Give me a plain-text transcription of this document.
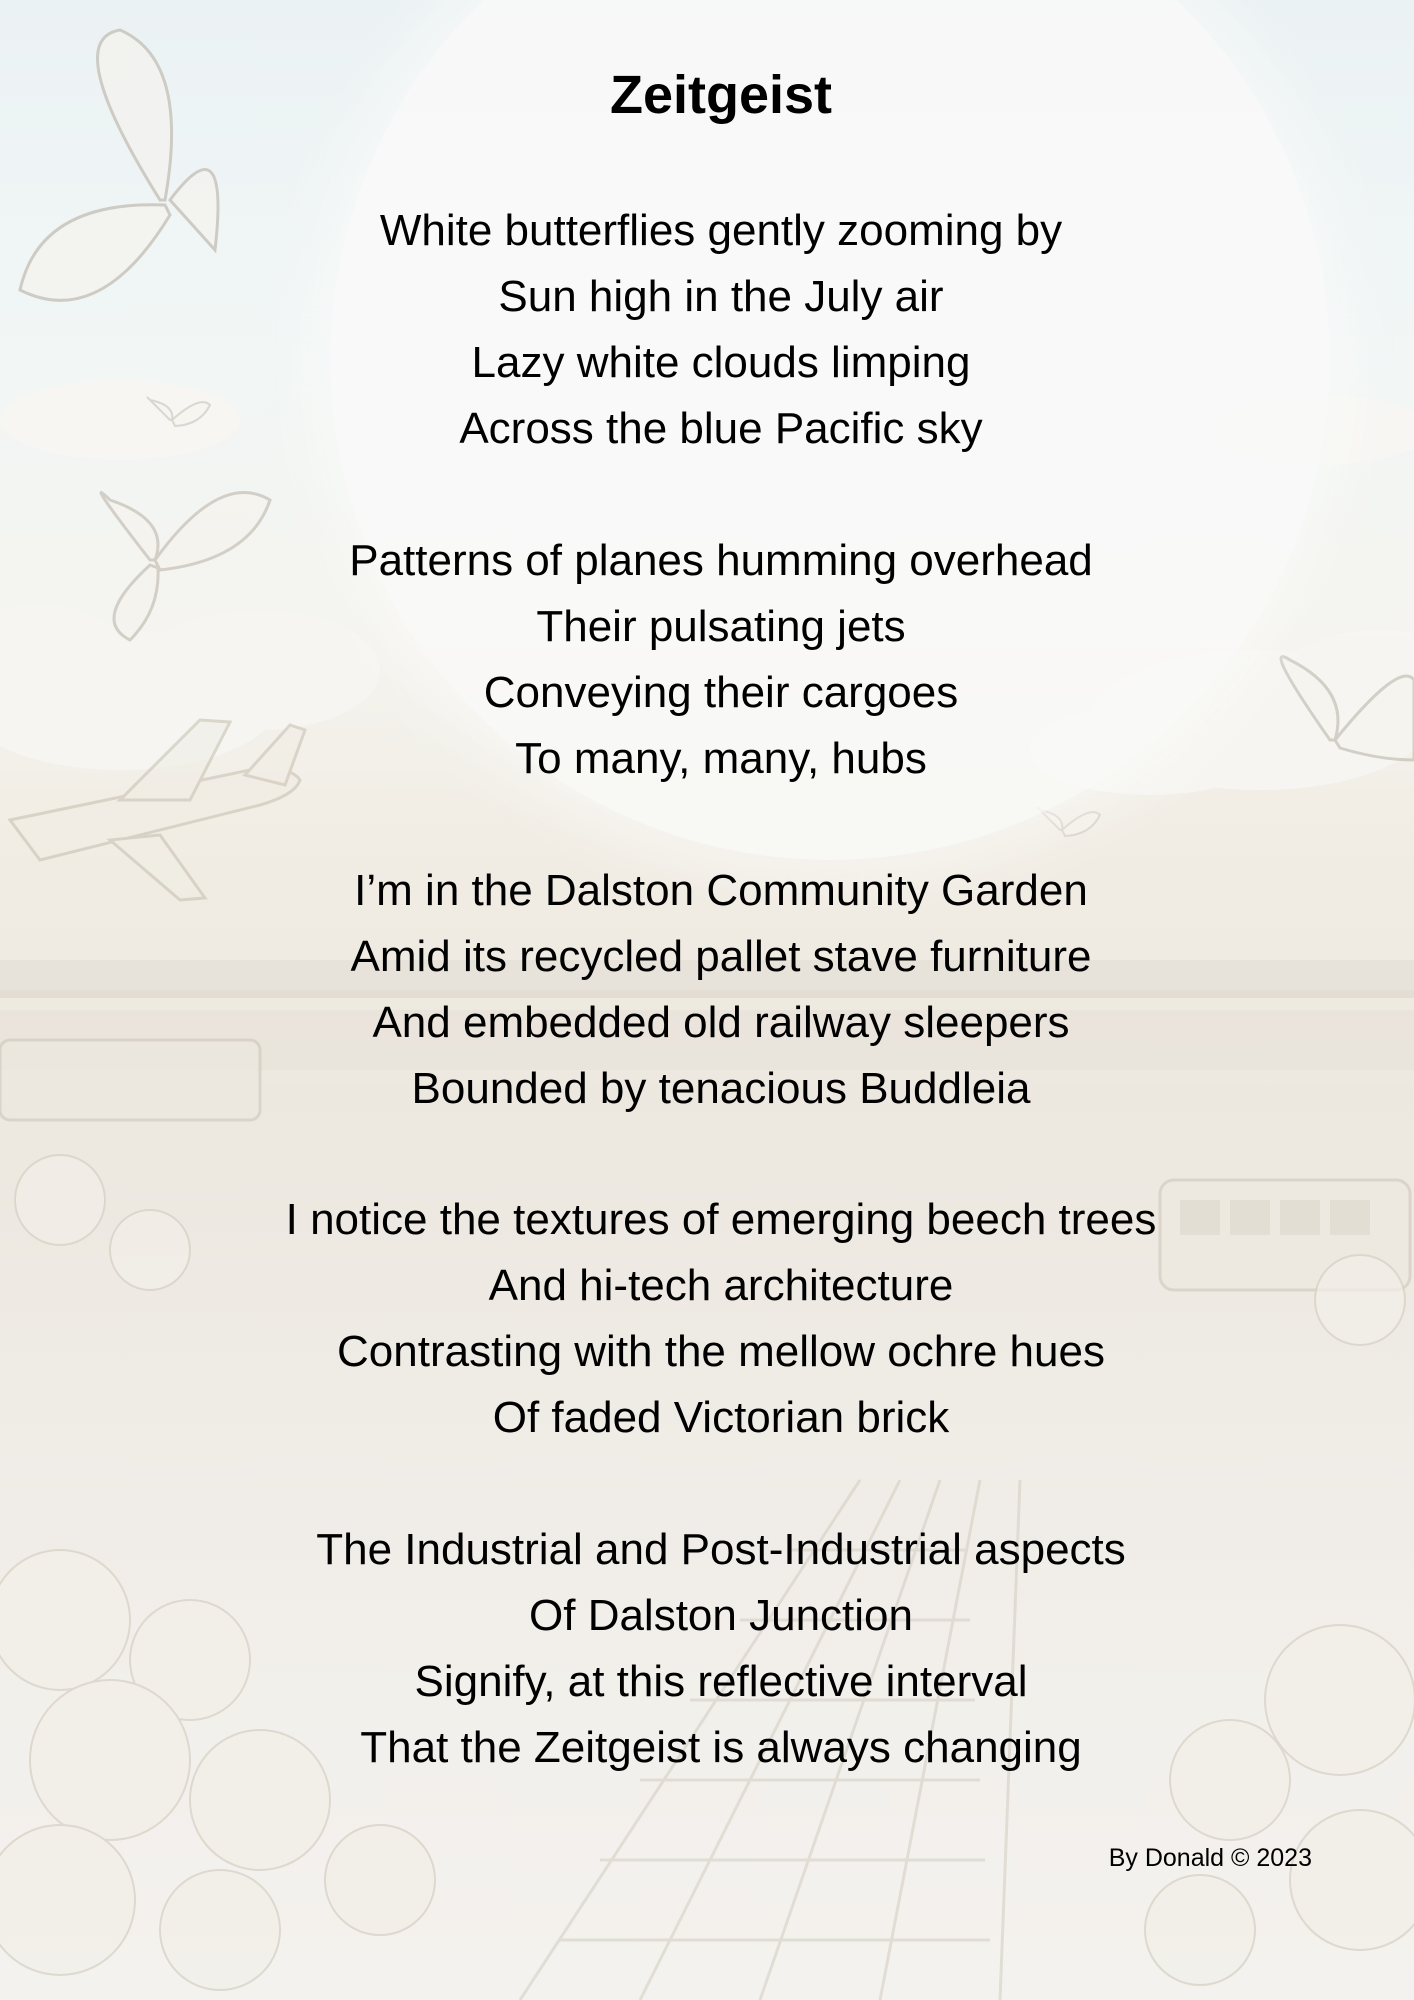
Zeitgeist
White butterflies gently zooming by
Sun high in the July air
Lazy white clouds limping
Across the blue Pacific sky
Patterns of planes humming overhead
Their pulsating jets
Conveying their cargoes
To many, many, hubs
I’m in the Dalston Community Garden
Amid its recycled pallet stave furniture
And embedded old railway sleepers
Bounded by tenacious Buddleia
I notice the textures of emerging beech trees
And hi-tech architecture
Contrasting with the mellow ochre hues
Of faded Victorian brick
The Industrial and Post-Industrial aspects
Of Dalston Junction
Signify, at this reflective interval
That the Zeitgeist is always changing
By Donald © 2023
